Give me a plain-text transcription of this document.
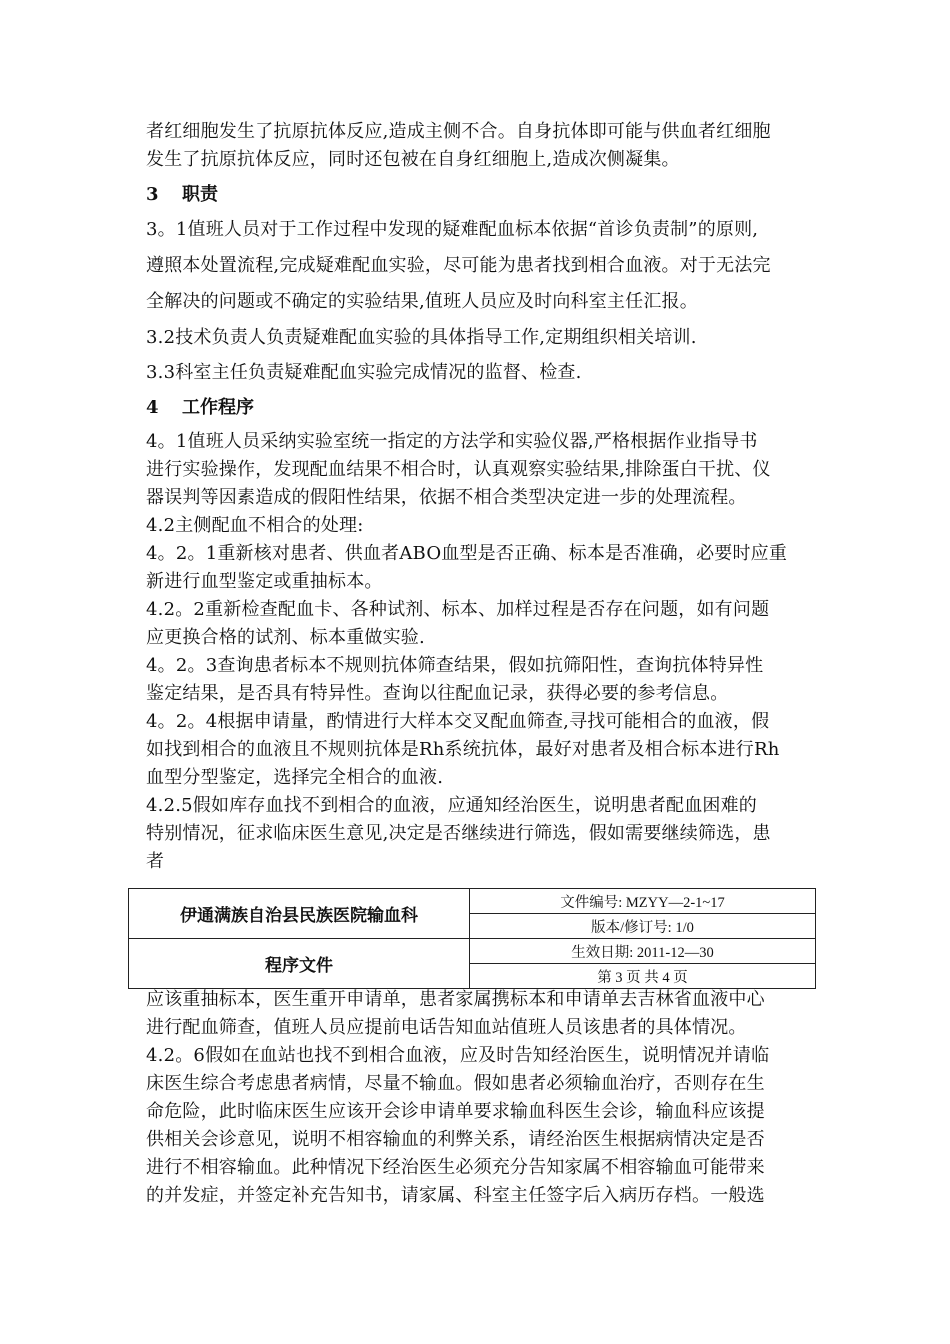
者红细胞发生了抗原抗体反应,造成主侧不合。自身抗体即可能与供血者红细胞
发生了抗原抗体反应，同时还包被在自身红细胞上,造成次侧凝集。
3 职责
3。1值班人员对于工作过程中发现的疑难配血标本依据“首诊负责制”的原则,
遵照本处置流程,完成疑难配血实验，尽可能为患者找到相合血液。对于无法完
全解决的问题或不确定的实验结果,值班人员应及时向科室主任汇报。
3.2技术负责人负责疑难配血实验的具体指导工作,定期组织相关培训.
3.3科室主任负责疑难配血实验完成情况的监督、检查.
4 工作程序
4。1值班人员采纳实验室统一指定的方法学和实验仪器,严格根据作业指导书
进行实验操作，发现配血结果不相合时，认真观察实验结果,排除蛋白干扰、仪
器误判等因素造成的假阳性结果，依据不相合类型决定进一步的处理流程。
4.2主侧配血不相合的处理:
4。2。1重新核对患者、供血者ABO血型是否正确、标本是否准确，必要时应重
新进行血型鉴定或重抽标本。
4.2。2重新检查配血卡、各种试剂、标本、加样过程是否存在问题，如有问题
应更换合格的试剂、标本重做实验.
4。2。3查询患者标本不规则抗体筛查结果，假如抗筛阳性，查询抗体特异性
鉴定结果，是否具有特异性。查询以往配血记录，获得必要的参考信息。
4。2。4根据申请量，酌情进行大样本交叉配血筛查,寻找可能相合的血液，假
如找到相合的血液且不规则抗体是Rh系统抗体，最好对患者及相合标本进行Rh
血型分型鉴定，选择完全相合的血液.
4.2.5假如库存血找不到相合的血液，应通知经治医生，说明患者配血困难的
特别情况，征求临床医生意见,决定是否继续进行筛选，假如需要继续筛选，患
者
伊通满族自治县民族医院输血科	文件编号: MZYY—2-1~17
	版本/修订号: 1/0
程序文件	生效日期: 2011-12—30
	第 3 页 共 4 页
应该重抽标本，医生重开申请单，患者家属携标本和申请单去吉林省血液中心
进行配血筛查，值班人员应提前电话告知血站值班人员该患者的具体情况。
4.2。6假如在血站也找不到相合血液，应及时告知经治医生，说明情况并请临
床医生综合考虑患者病情，尽量不输血。假如患者必须输血治疗，否则存在生
命危险，此时临床医生应该开会诊申请单要求输血科医生会诊，输血科应该提
供相关会诊意见，说明不相容输血的利弊关系，请经治医生根据病情决定是否
进行不相容输血。此种情况下经治医生必须充分告知家属不相容输血可能带来
的并发症，并签定补充告知书，请家属、科室主任签字后入病历存档。一般选
